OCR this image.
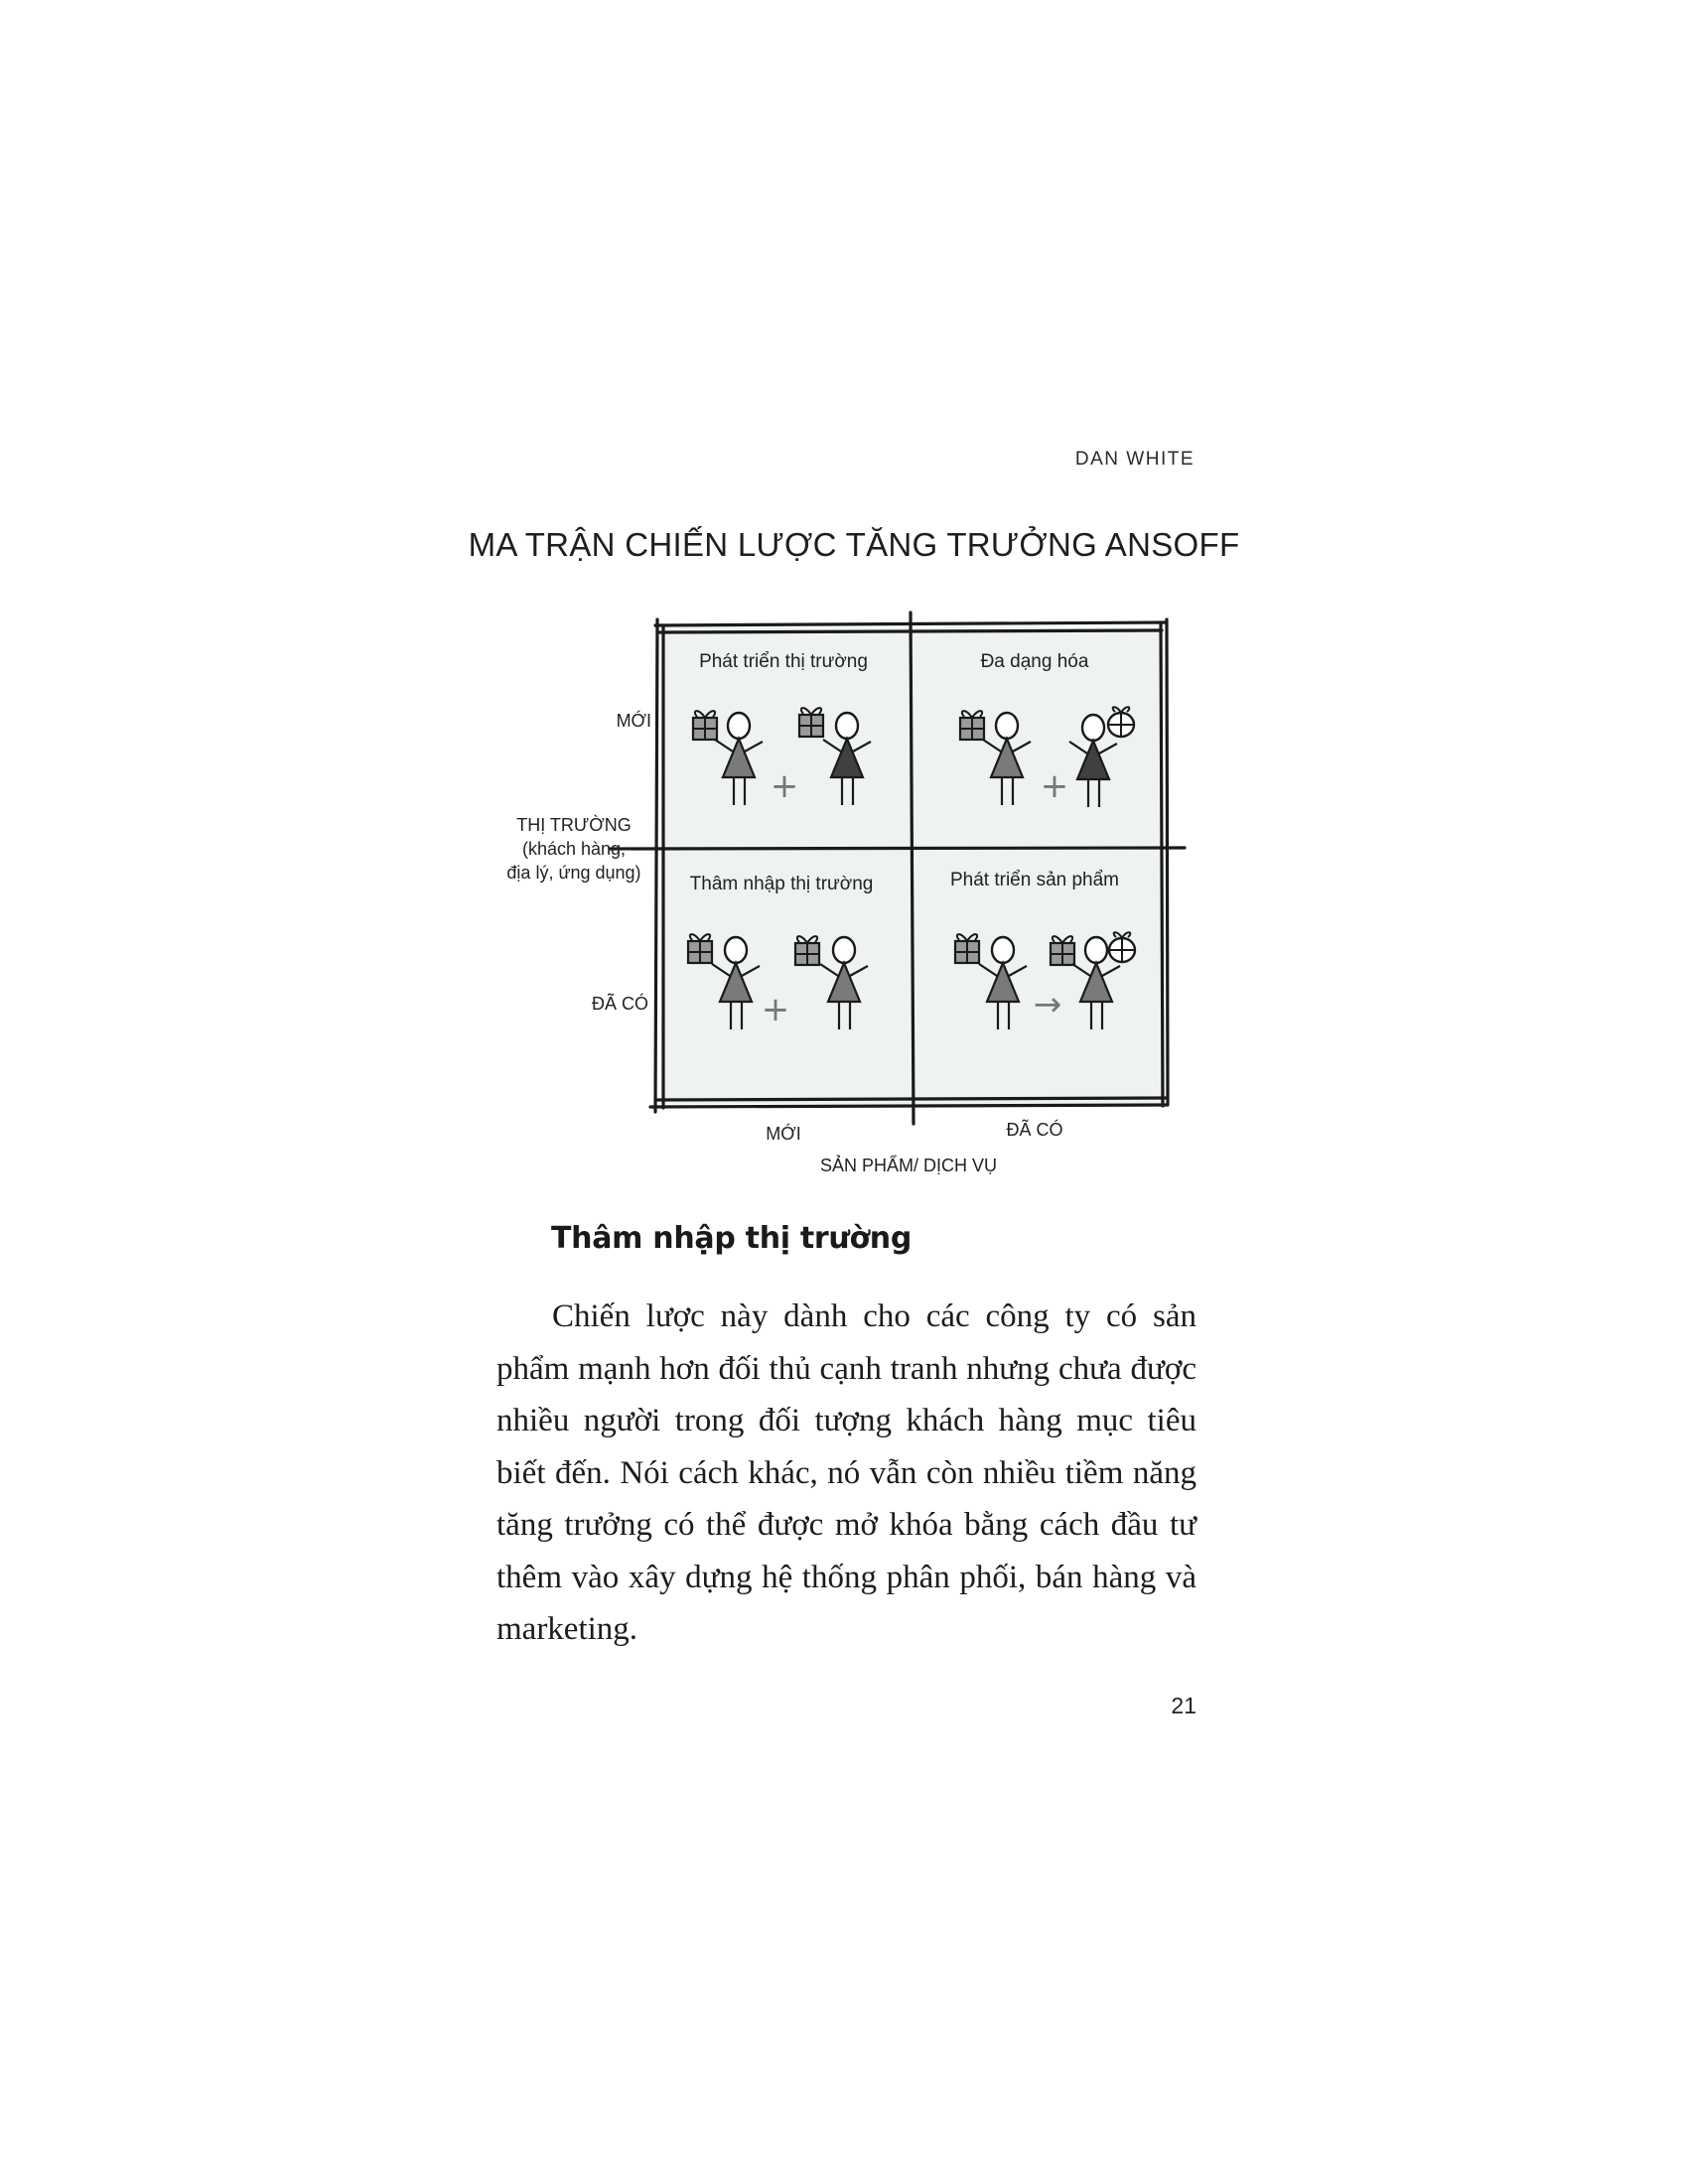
DAN WHITE
MA TRẬN CHIẾN LƯỢC TĂNG TRƯỞNG ANSOFF
Phát triển thị trường	Đa dạng hóa
Thâm nhập thị trường	Phát triển sản phẩm
+	+
+	→
MỚI
THỊ TRƯỜNG
(khách hàng,
địa lý, ứng dụng)
ĐÃ CÓ
MỚI	ĐÃ CÓ
SẢN PHẨM/ DỊCH VỤ
Thâm nhập thị trường

Chiến lược này dành cho các công ty có sản phẩm mạnh hơn đối thủ cạnh tranh nhưng chưa được nhiều người trong đối tượng khách hàng mục tiêu biết đến. Nói cách khác, nó vẫn còn nhiều tiềm năng tăng trưởng có thể được mở khóa bằng cách đầu tư thêm vào xây dựng hệ thống phân phối, bán hàng và marketing.

21
